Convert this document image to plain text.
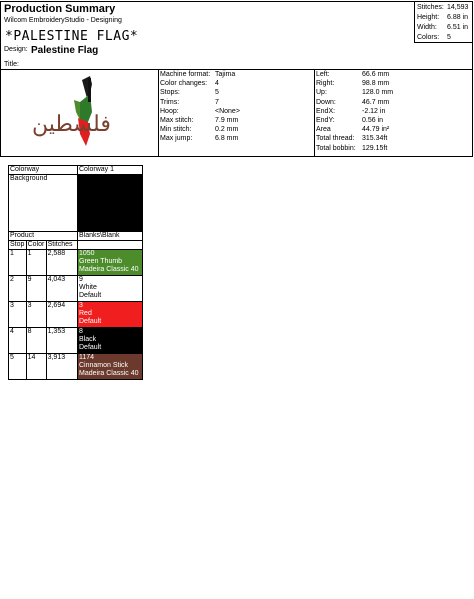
Production Summary
Wilcom EmbroideryStudio - Designing
*PALESTINE FLAG*
Design: Palestine Flag
Title:
Stitches: 14,593
Height: 6.88 in
Width: 6.51 in
Colors: 5
فلسطين
Machine format: Tajima
Color changes: 4
Stops:	5
Trims:	7
Hoop:	<None>
Max stitch:	7.9 mm
Min stitch:	0.2 mm
Max jump:	6.8 mm
Left:	66.6 mm
Right:	98.8 mm
Up:	128.0 mm
Down:	46.7 mm
EndX:	-2.12 in
EndY:	0.56 in
Area	44.79 in²
Total thread: 315.34ft
Total bobbin: 129.15ft
Colorway			Colorway 1
Background			
Product			Blanks\Blank
Stop	Color	Stitches	
1	1	2,588	1050
Green Thumb
Madeira Classic 40

2	9	4,043	9
White
Default

3	3	2,694	3
Red
Default

4	8	1,353	8
Black
Default

5	14	3,913	1174
Cinnamon Stick
Madeira Classic 40
